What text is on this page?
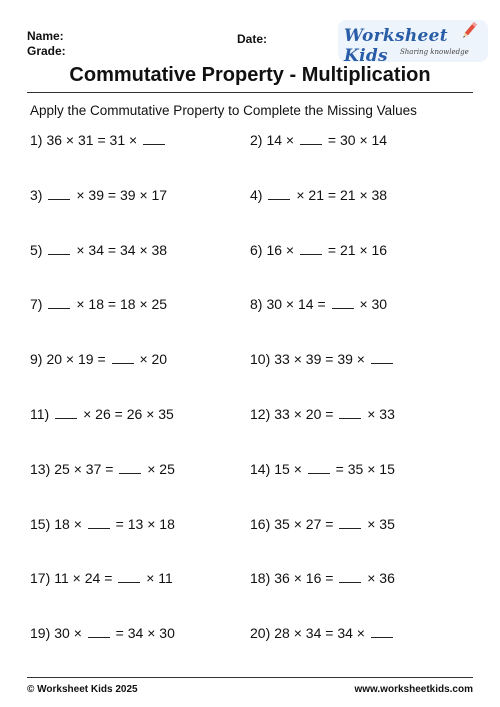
Name:
Grade:
Date:	Worksheet Kids	Sharing knowledge
Commutative Property - Multiplication
Apply the Commutative Property to Complete the Missing Values
1) 36 × 31 = 31 ×	2) 14 × = 30 × 14
3) × 39 = 39 × 17	4) × 21 = 21 × 38
5) × 34 = 34 × 38	6) 16 × = 21 × 16
7) × 18 = 18 × 25	8) 30 × 14 = × 30
9) 20 × 19 = × 20	10) 33 × 39 = 39 ×
11) × 26 = 26 × 35	12) 33 × 20 = × 33
13) 25 × 37 = × 25	14) 15 × = 35 × 15
15) 18 × = 13 × 18	16) 35 × 27 = × 35
17) 11 × 24 = × 11	18) 36 × 16 = × 36
19) 30 × = 34 × 30	20) 28 × 34 = 34 ×
© Worksheet Kids 2025	www.worksheetkids.com
